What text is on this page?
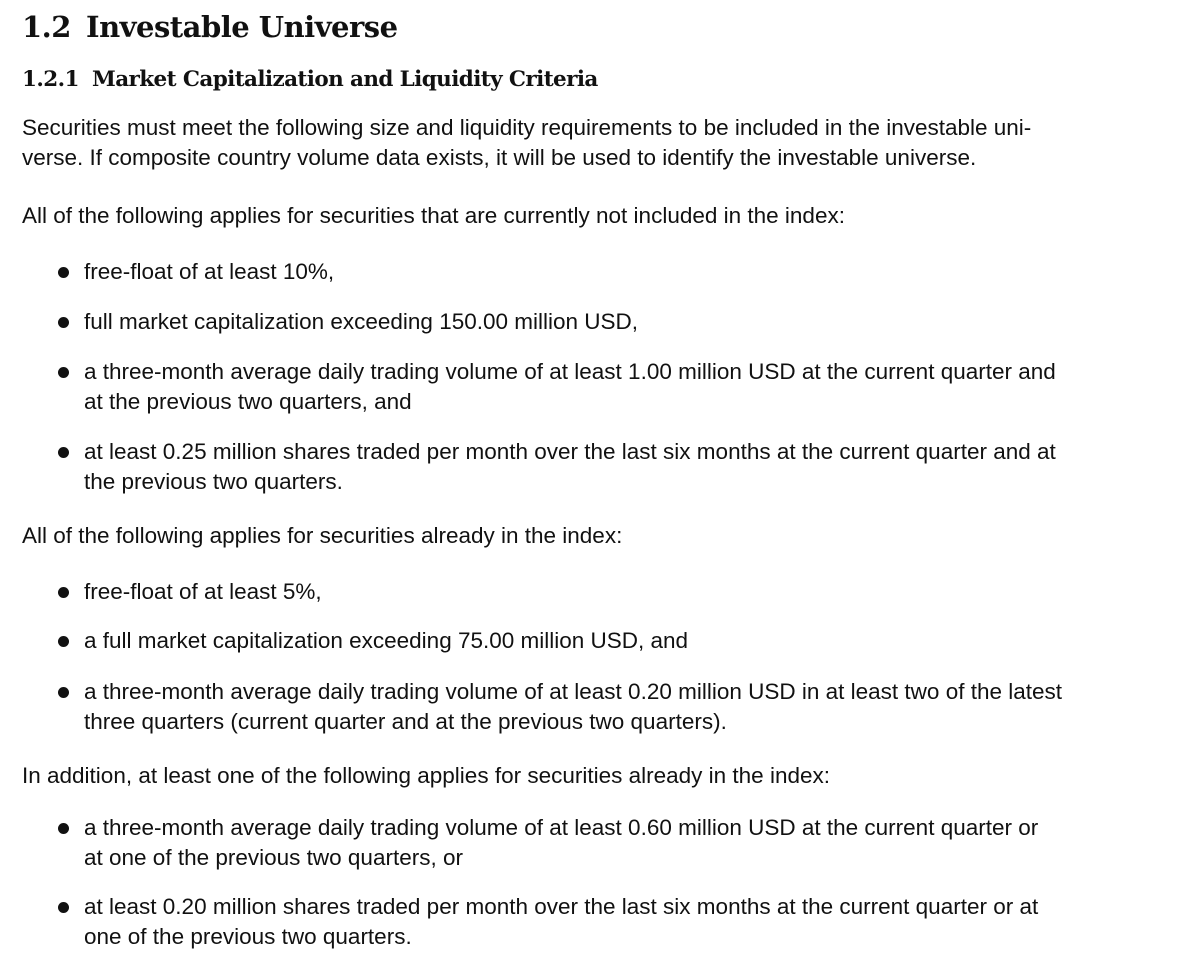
1.2 Investable Universe
1.2.1 Market Capitalization and Liquidity Criteria
Securities must meet the following size and liquidity requirements to be included in the investable uni-
verse. If composite country volume data exists, it will be used to identify the investable universe.
All of the following applies for securities that are currently not included in the index:
free-float of at least 10%,
full market capitalization exceeding 150.00 million USD,
a three-month average daily trading volume of at least 1.00 million USD at the current quarter and
at the previous two quarters, and
at least 0.25 million shares traded per month over the last six months at the current quarter and at
the previous two quarters.
All of the following applies for securities already in the index:
free-float of at least 5%,
a full market capitalization exceeding 75.00 million USD, and
a three-month average daily trading volume of at least 0.20 million USD in at least two of the latest
three quarters (current quarter and at the previous two quarters).
In addition, at least one of the following applies for securities already in the index:
a three-month average daily trading volume of at least 0.60 million USD at the current quarter or
at one of the previous two quarters, or
at least 0.20 million shares traded per month over the last six months at the current quarter or at
one of the previous two quarters.
